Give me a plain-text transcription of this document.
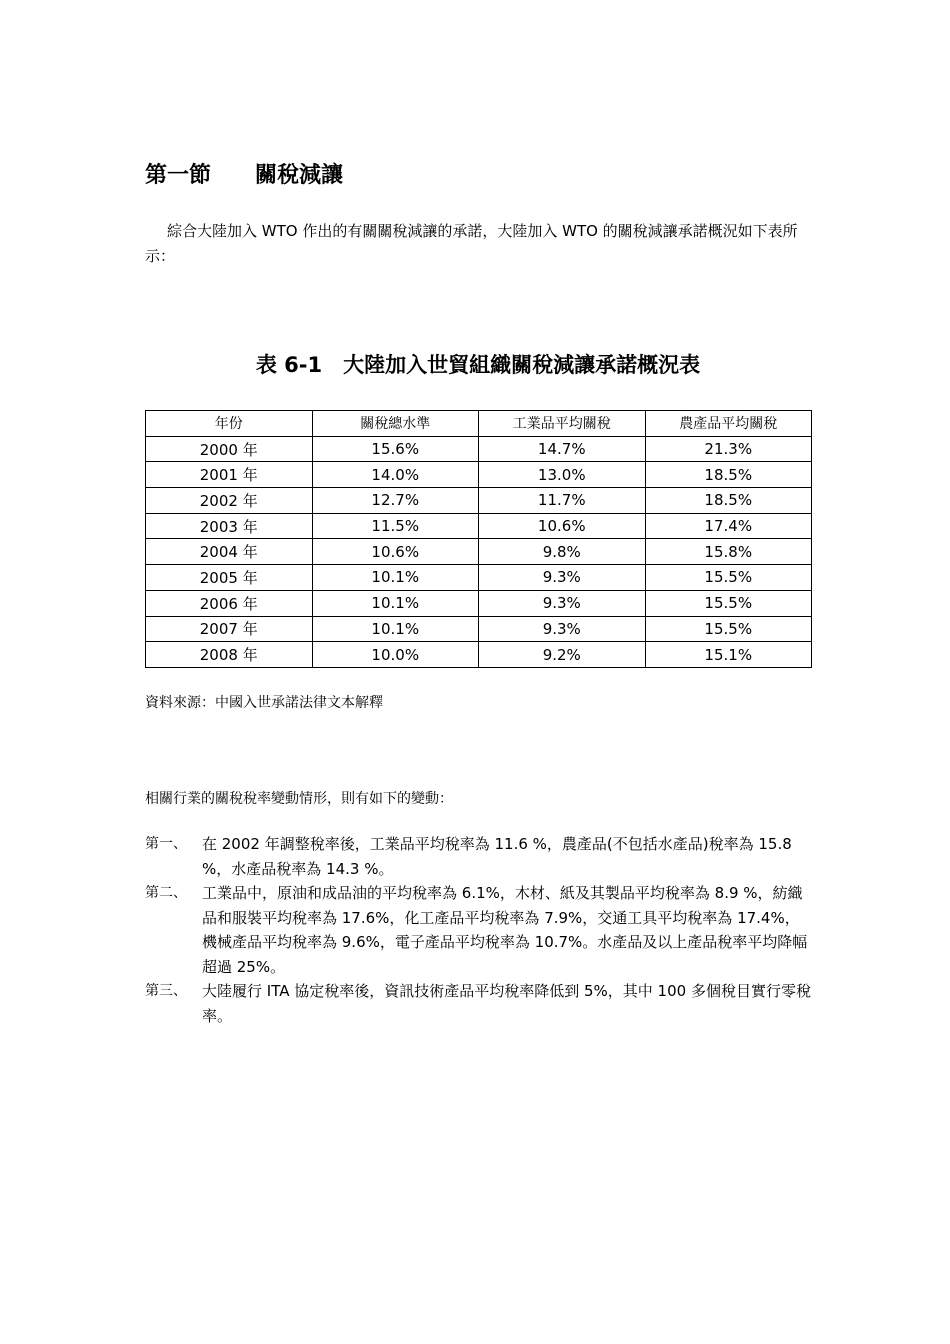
第一節　　關稅減讓
綜合大陸加入 WTO 作出的有關關稅減讓的承諾，大陸加入 WTO 的關稅減讓承諾概況如下表所示：
表 6-1　大陸加入世貿組織關稅減讓承諾概況表
年份	關稅總水準	工業品平均關稅	農產品平均關稅
2000 年	15.6%	14.7%	21.3%
2001 年	14.0%	13.0%	18.5%
2002 年	12.7%	11.7%	18.5%
2003 年	11.5%	10.6%	17.4%
2004 年	10.6%	9.8%	15.8%
2005 年	10.1%	9.3%	15.5%
2006 年	10.1%	9.3%	15.5%
2007 年	10.1%	9.3%	15.5%
2008 年	10.0%	9.2%	15.1%
資料來源：中國入世承諾法律文本解釋
相關行業的關稅稅率變動情形，則有如下的變動：
第一、 在 2002 年調整稅率後，工業品平均稅率為 11.6 %，農產品(不包括水產品)稅率為 15.8 %，水產品稅率為 14.3 %。
第二、 工業品中，原油和成品油的平均稅率為 6.1%，木材、紙及其製品平均稅率為 8.9 %，紡織品和服裝平均稅率為 17.6%，化工產品平均稅率為 7.9%，交通工具平均稅率為 17.4%，機械產品平均稅率為 9.6%，電子產品平均稅率為 10.7%。水產品及以上產品稅率平均降幅超過 25%。
第三、 大陸履行 ITA 協定稅率後，資訊技術產品平均稅率降低到 5%，其中 100 多個稅目實行零稅率。
